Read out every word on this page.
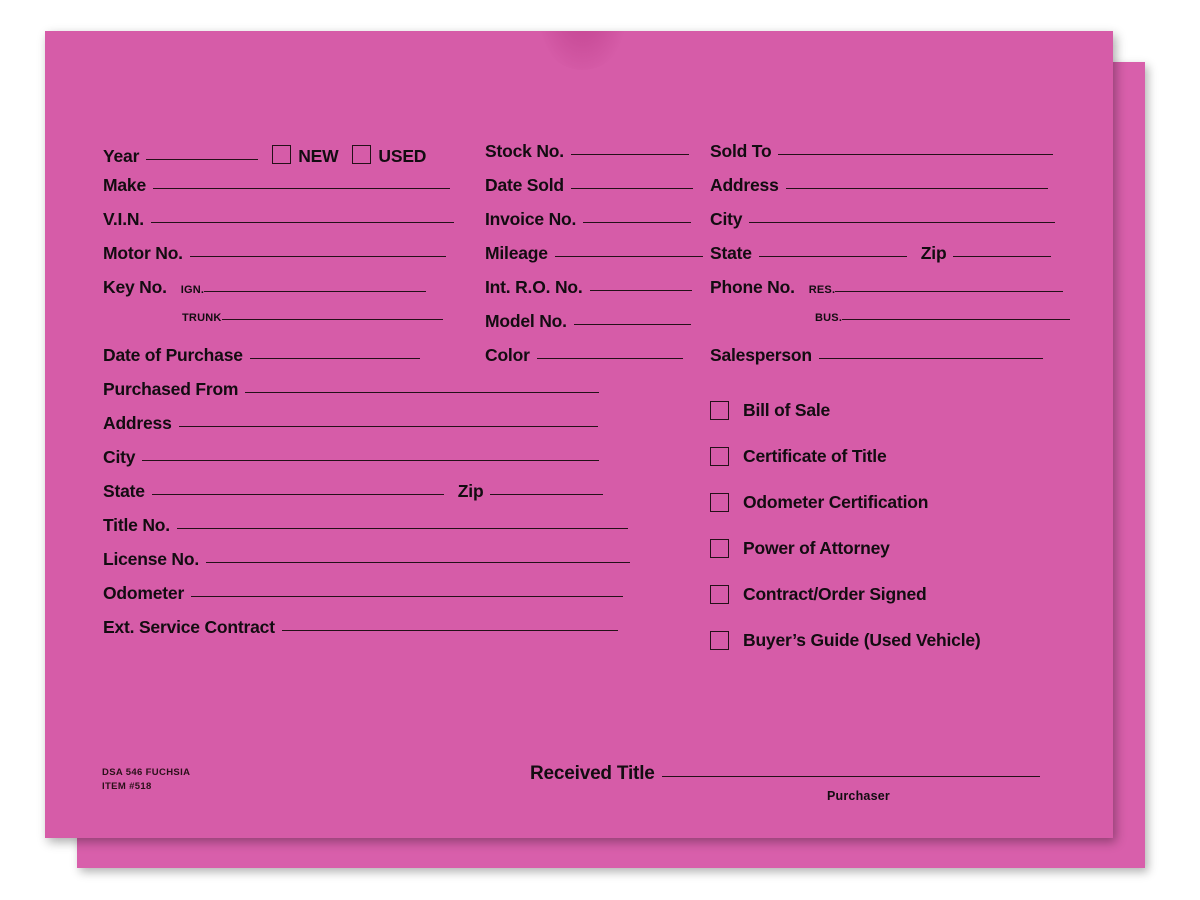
Year	NEW USED
Make
V.I.N.
Motor No.
Key No. IGN.
TRUNK
Date of Purchase
Purchased From
Address
City
State	Zip
Title No.
License No.
Odometer
Ext. Service Contract
Stock No.
Date Sold
Invoice No.
Mileage
Int. R.O. No.
Model No.
Color
Sold To
Address
City
State	Zip
Phone No. RES.
BUS.
Salesperson
Bill of Sale
Certificate of Title
Odometer Certification
Power of Attorney
Contract/Order Signed
Buyer’s Guide (Used Vehicle)
DSA 546 FUCHSIA
ITEM #518
Received Title
Purchaser
